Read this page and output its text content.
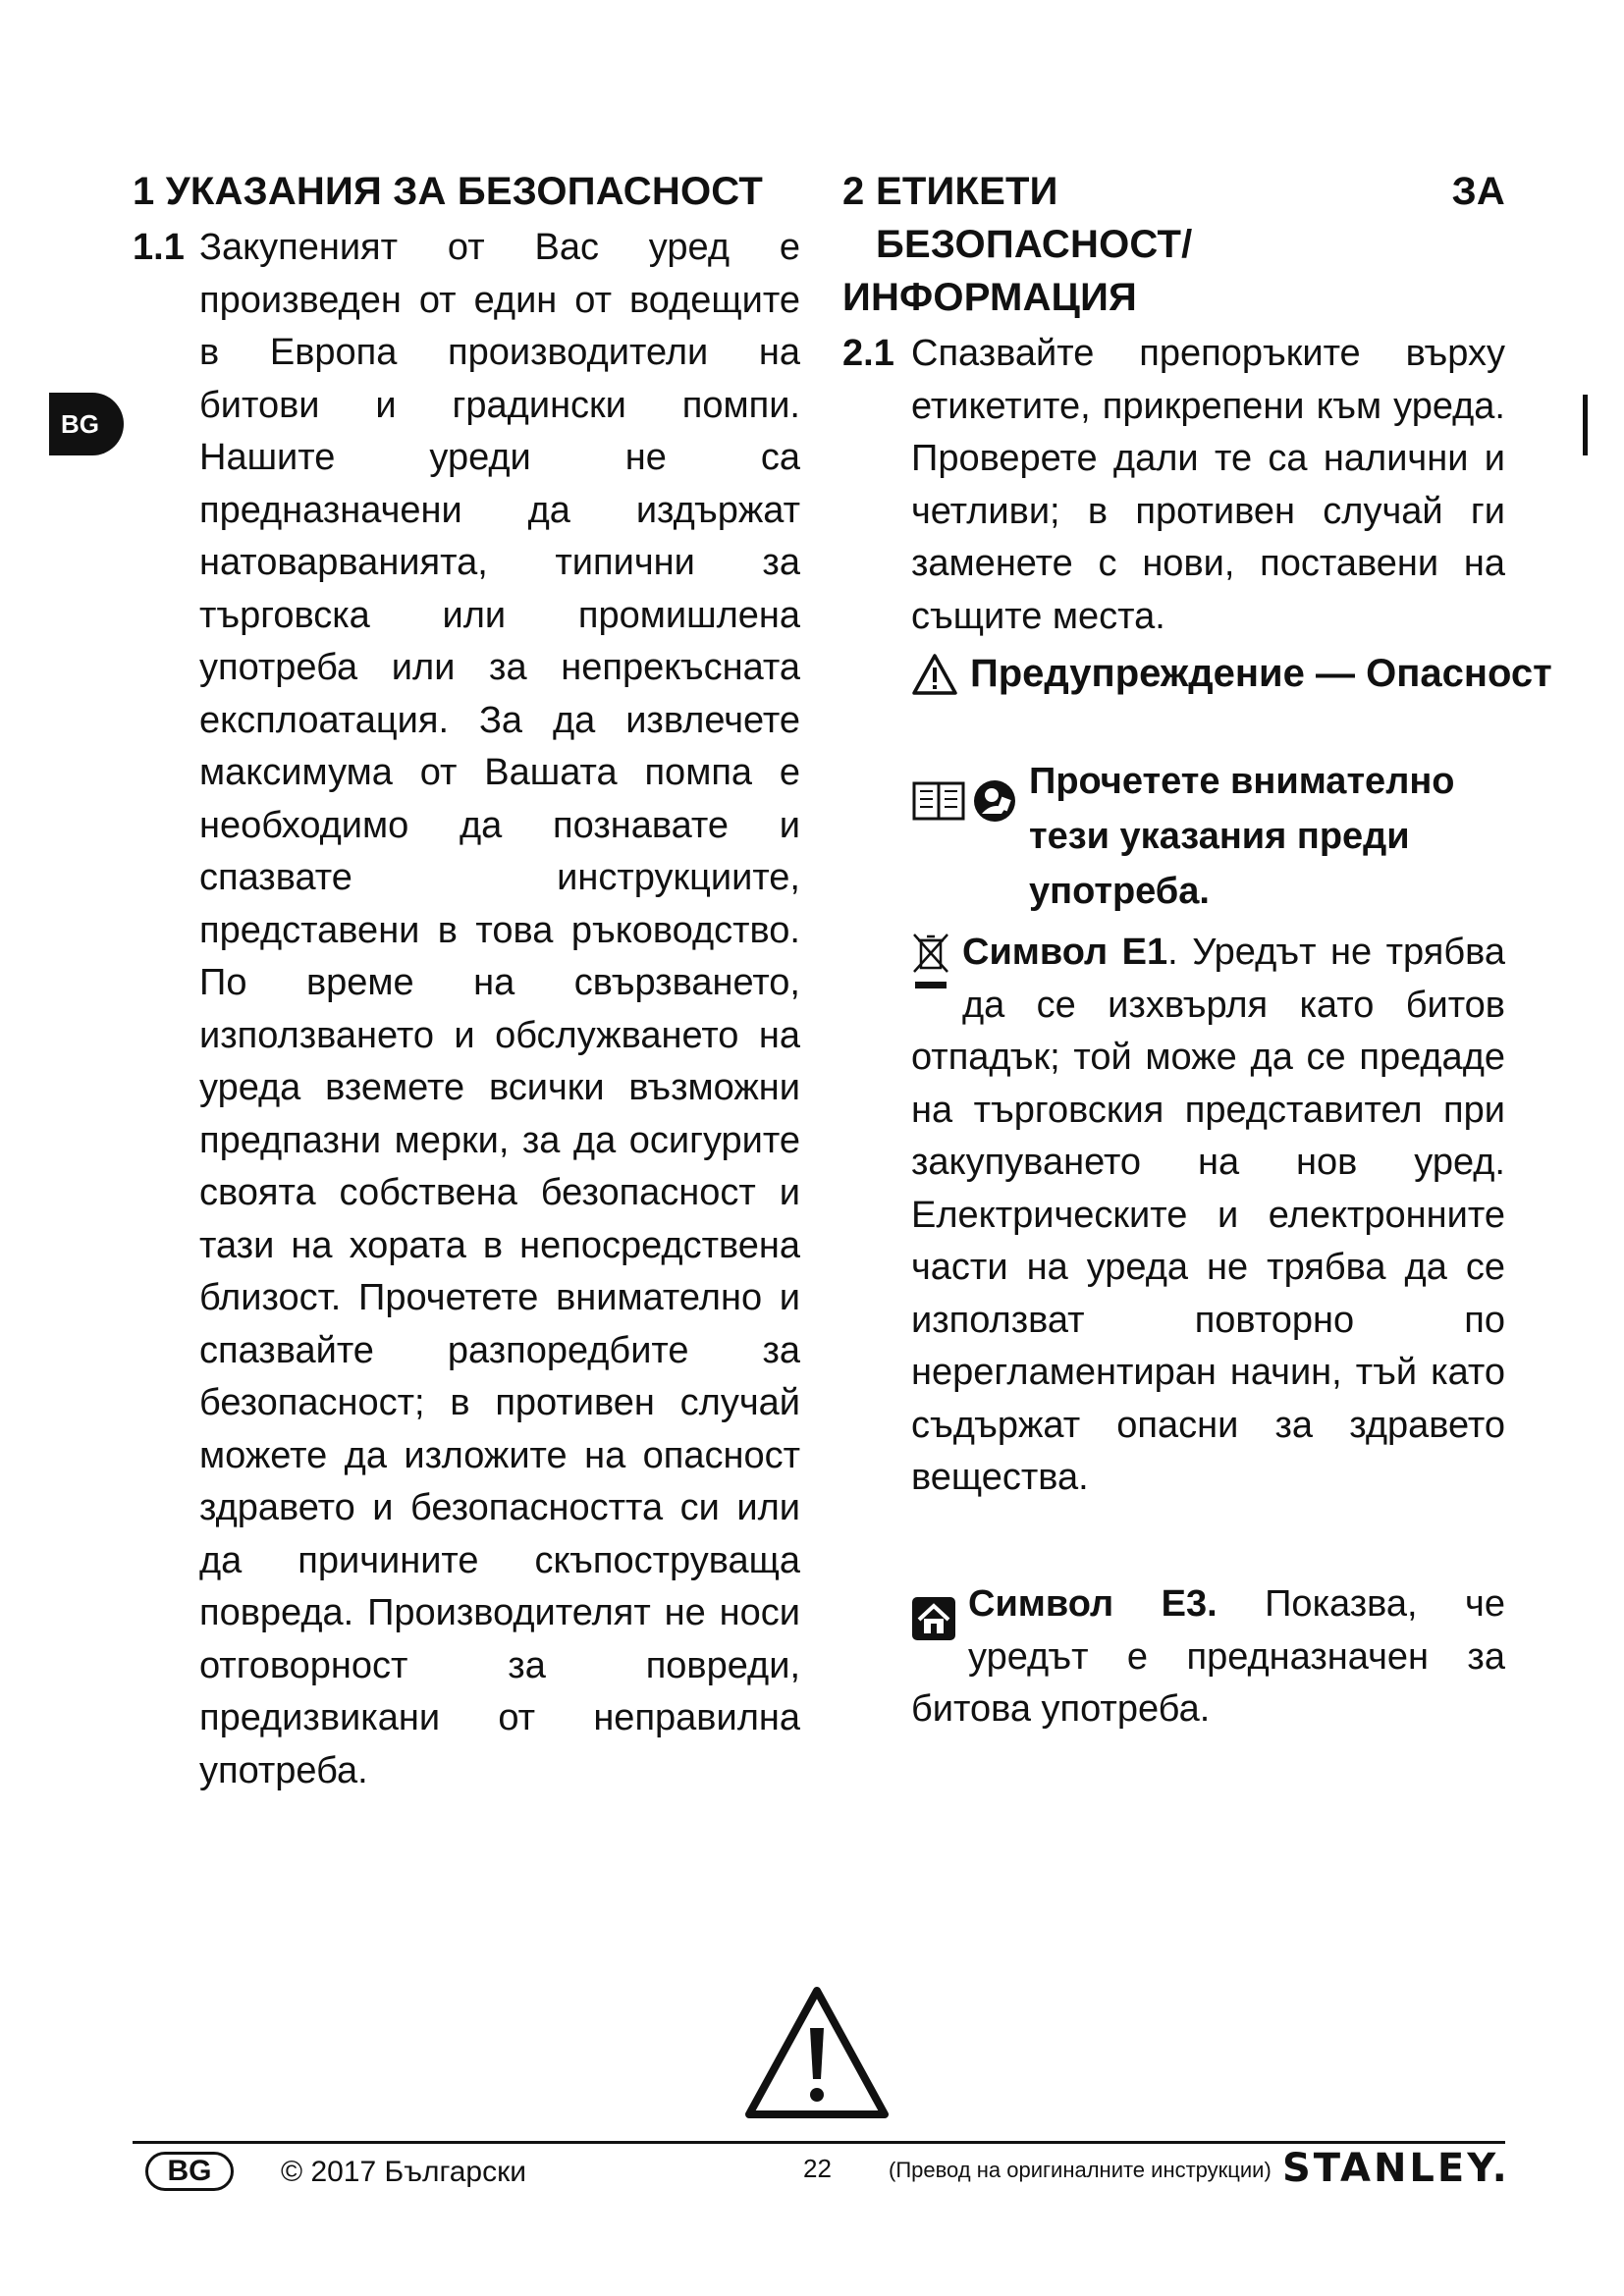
BG
1 УКАЗАНИЯ ЗА БЕЗОПАСНОСТ
1.1 Закупеният от Вас уред е произведен от един от водещите в Европа производители на битови и градински помпи. Нашите уреди не са предназначени да издържат натоварванията, типични за търговска или промишлена употреба или за непрекъсната експлоатация. За да извлечете максимума от Вашата помпа е необходимо да познавате и спазвате инструкциите, представени в това ръководство. По време на свързването, използването и обслужването на уреда вземете всички възможни предпазни мерки, за да осигурите своята собствена безопасност и тази на хората в непосредствена близост. Прочетете внимателно и спазвайте разпоредбите за безопасност; в противен случай можете да изложите на опасност здравето и безопасността си или да причините скъпоструваща повреда. Производителят не носи отговорност за повреди, предизвикани от неправилна употреба.
2 ЕТИКЕТИ ЗА БЕЗОПАСНОСТ/
ИНФОРМАЦИЯ
2.1 Спазвайте препоръките върху етикетите, прикрепени към уреда. Проверете дали те са налични и четливи; в противен случай ги заменете с нови, поставени на същите места.
Предупреждение — Опасност
Прочетете внимателно тези указания преди употреба.
Символ Е1. Уредът не трябва да се изхвърля като битов отпадък; той може да се предаде на търговския представител при закупуването на нов уред. Електрическите и електронните части на уреда не трябва да се използват повторно по нерегламентиран начин, тъй като съдържат опасни за здравето вещества.
Символ Е3. Показва, че уредът е предназначен за битова употреба.
BG © 2017 Български	22	(Превод на оригиналните инструкции) STANLEY.
